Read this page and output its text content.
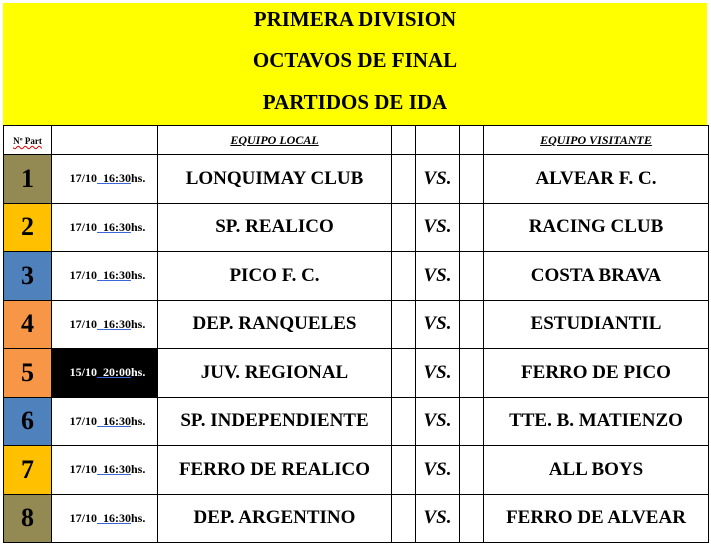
PRIMERA DIVISION
OCTAVOS DE FINAL
PARTIDOS DE IDA
Nº Part		EQUIPO LOCAL				EQUIPO VISITANTE
1	17/10 16:30hs.	LONQUIMAY CLUB		VS.		ALVEAR F. C.
2	17/10 16:30hs.	SP. REALICO		VS.		RACING CLUB
3	17/10 16:30hs.	PICO F. C.		VS.		COSTA BRAVA
4	17/10 16:30hs.	DEP. RANQUELES		VS.		ESTUDIANTIL
5	15/10 20:00hs.	JUV. REGIONAL		VS.		FERRO DE PICO
6	17/10 16:30hs.	SP. INDEPENDIENTE		VS.		TTE. B. MATIENZO
7	17/10 16:30hs.	FERRO DE REALICO		VS.		ALL BOYS
8	17/10 16:30hs.	DEP. ARGENTINO		VS.		FERRO DE ALVEAR
